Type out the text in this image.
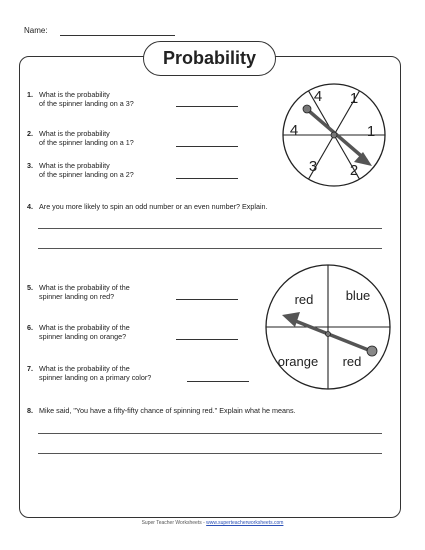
Name:
Probability
1. What is the probability
of the spinner landing on a 3?
2. What is the probability
of the spinner landing on a 1?
3. What is the probability
of the spinner landing on a 2?
4 1
1
2
3
4
4. Are you more likely to spin an odd number or an even number? Explain.
5. What is the probability of the
spinner landing on red?
6. What is the probability of the
spinner landing on orange?
7. What is the probability of the
spinner landing on a primary color?
blue
red
orange
red
8. Mike said, "You have a fifty-fifty chance of spinning red." Explain what he means.
Super Teacher Worksheets - www.superteacherworksheets.com
